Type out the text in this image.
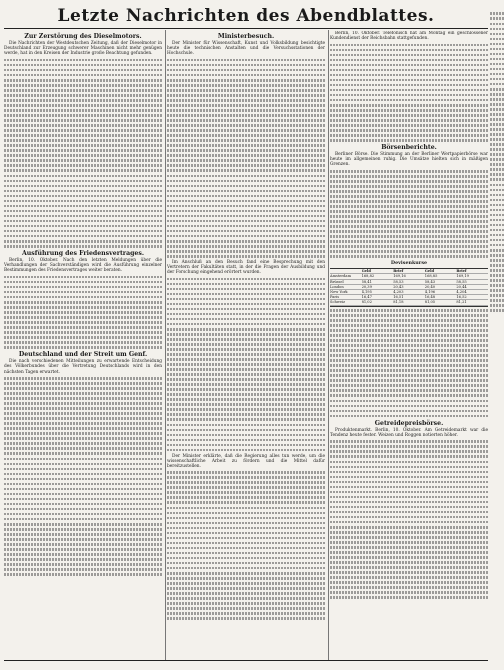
Letzte Nachrichten des Abendblattes.
Zur Zerstörung des Dieselmotors.
Die Nachrichten der Westdeutschen Zeitung, daß der Dieselmotor in Deutschland zur Erzeugung schwerer Maschinen nicht mehr genügen werde, hat in den Kreisen der Industrie große Beachtung gefunden.
Ausführung des Friedensvertrages.
Berlin, 10. Oktober. Nach den letzten Meldungen über die Verhandlungen der Sachverständigen wird die Ausführung einzelner Bestimmungen des Friedensvertrages weiter beraten.
Deutschland und der Streit um Genf.
Die nach verschiedenen Mitteilungen zu erwartende Entscheidung des Völkerbundes über die Vertretung Deutschlands wird in den nächsten Tagen erwartet.
Ministerbesuch.
Der Minister für Wissenschaft, Kunst und Volksbildung besichtigte heute die technischen Anstalten und die Versuchsstationen der Hochschule.
Im Anschluß an den Besuch fand eine Besprechung mit den Vertretern der Fakultäten statt, in der die Fragen der Ausbildung und der Forschung eingehend erörtert wurden.
Der Minister erklärte, daß die Regierung alles tun werde, um die wissenschaftliche Arbeit zu fördern und die Mittel dafür bereitzustellen.
Berlin, 10. Oktober. Telefonisch hat am Montag ein geschlossener Kundendienst der Reichsbahn stattgefunden.
Börsenberichte.
Berliner Börse. Die Stimmung an der Berliner Wertpapierbörse war heute im allgemeinen ruhig. Die Umsätze hielten sich in mäßigen Grenzen.
Devisenkurse
Geld	Brief	Geld	Brief
Amsterdam	168,82	169,16	168,85	169,19
Brüssel	58,41	58,53	58,43	58,55
London	20,39	20,43	20,40	20,44
New York	4,195	4,203	4,196	4,204
Paris	16,47	16,51	16,48	16,52
Schweiz	81,02	81,18	81,05	81,21
Getreidepreisbörse.
Produktenmarkt. Berlin, 10. Oktober. Am Getreidemarkt war die Tendenz heute fester. Weizen und Roggen notierten höher.
